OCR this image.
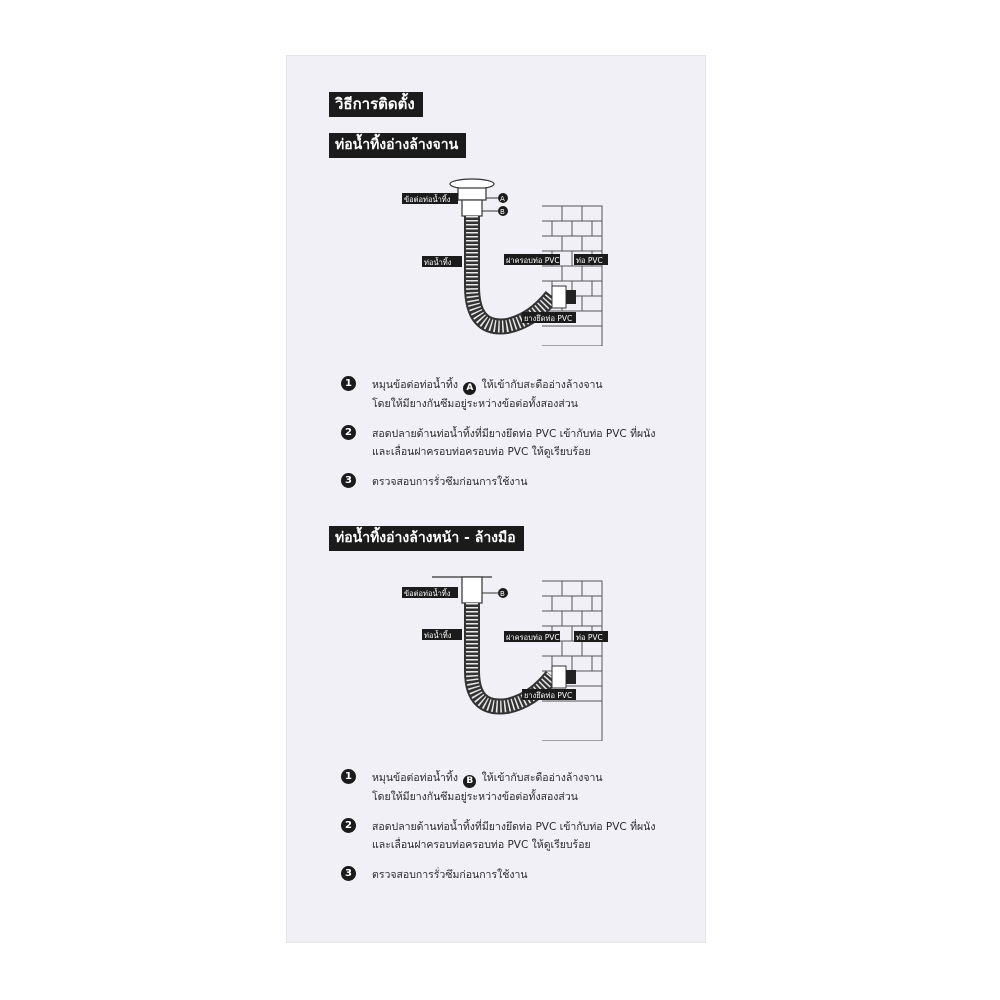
วิธีการติดตั้ง
ท่อน้ำทิ้งอ่างล้างจาน
ข้อต่อท่อน้ำทิ้ง	A
B
ท่อน้ำทิ้ง	ฝาครอบท่อ PVC ท่อ PVC
ยางยึดท่อ PVC
1	หมุนข้อต่อท่อน้ำทิ้ง A ให้เข้ากับสะดืออ่างล้างจาน
โดยให้มียางกันซึมอยู่ระหว่างข้อต่อทั้งสองส่วน
2	สอดปลายด้านท่อน้ำทิ้งที่มียางยึดท่อ PVC เข้ากับท่อ PVC ที่ผนัง
และเลื่อนฝาครอบท่อครอบท่อ PVC ให้ดูเรียบร้อย
3	ตรวจสอบการรั่วซึมก่อนการใช้งาน
ท่อน้ำทิ้งอ่างล้างหน้า - ล้างมือ
ข้อต่อท่อน้ำทิ้ง	B
ท่อน้ำทิ้ง	ฝาครอบท่อ PVC ท่อ PVC
ยางยึดท่อ PVC
1	หมุนข้อต่อท่อน้ำทิ้ง B ให้เข้ากับสะดืออ่างล้างจาน
โดยให้มียางกันซึมอยู่ระหว่างข้อต่อทั้งสองส่วน
2	สอดปลายด้านท่อน้ำทิ้งที่มียางยึดท่อ PVC เข้ากับท่อ PVC ที่ผนัง
และเลื่อนฝาครอบท่อครอบท่อ PVC ให้ดูเรียบร้อย
3	ตรวจสอบการรั่วซึมก่อนการใช้งาน
